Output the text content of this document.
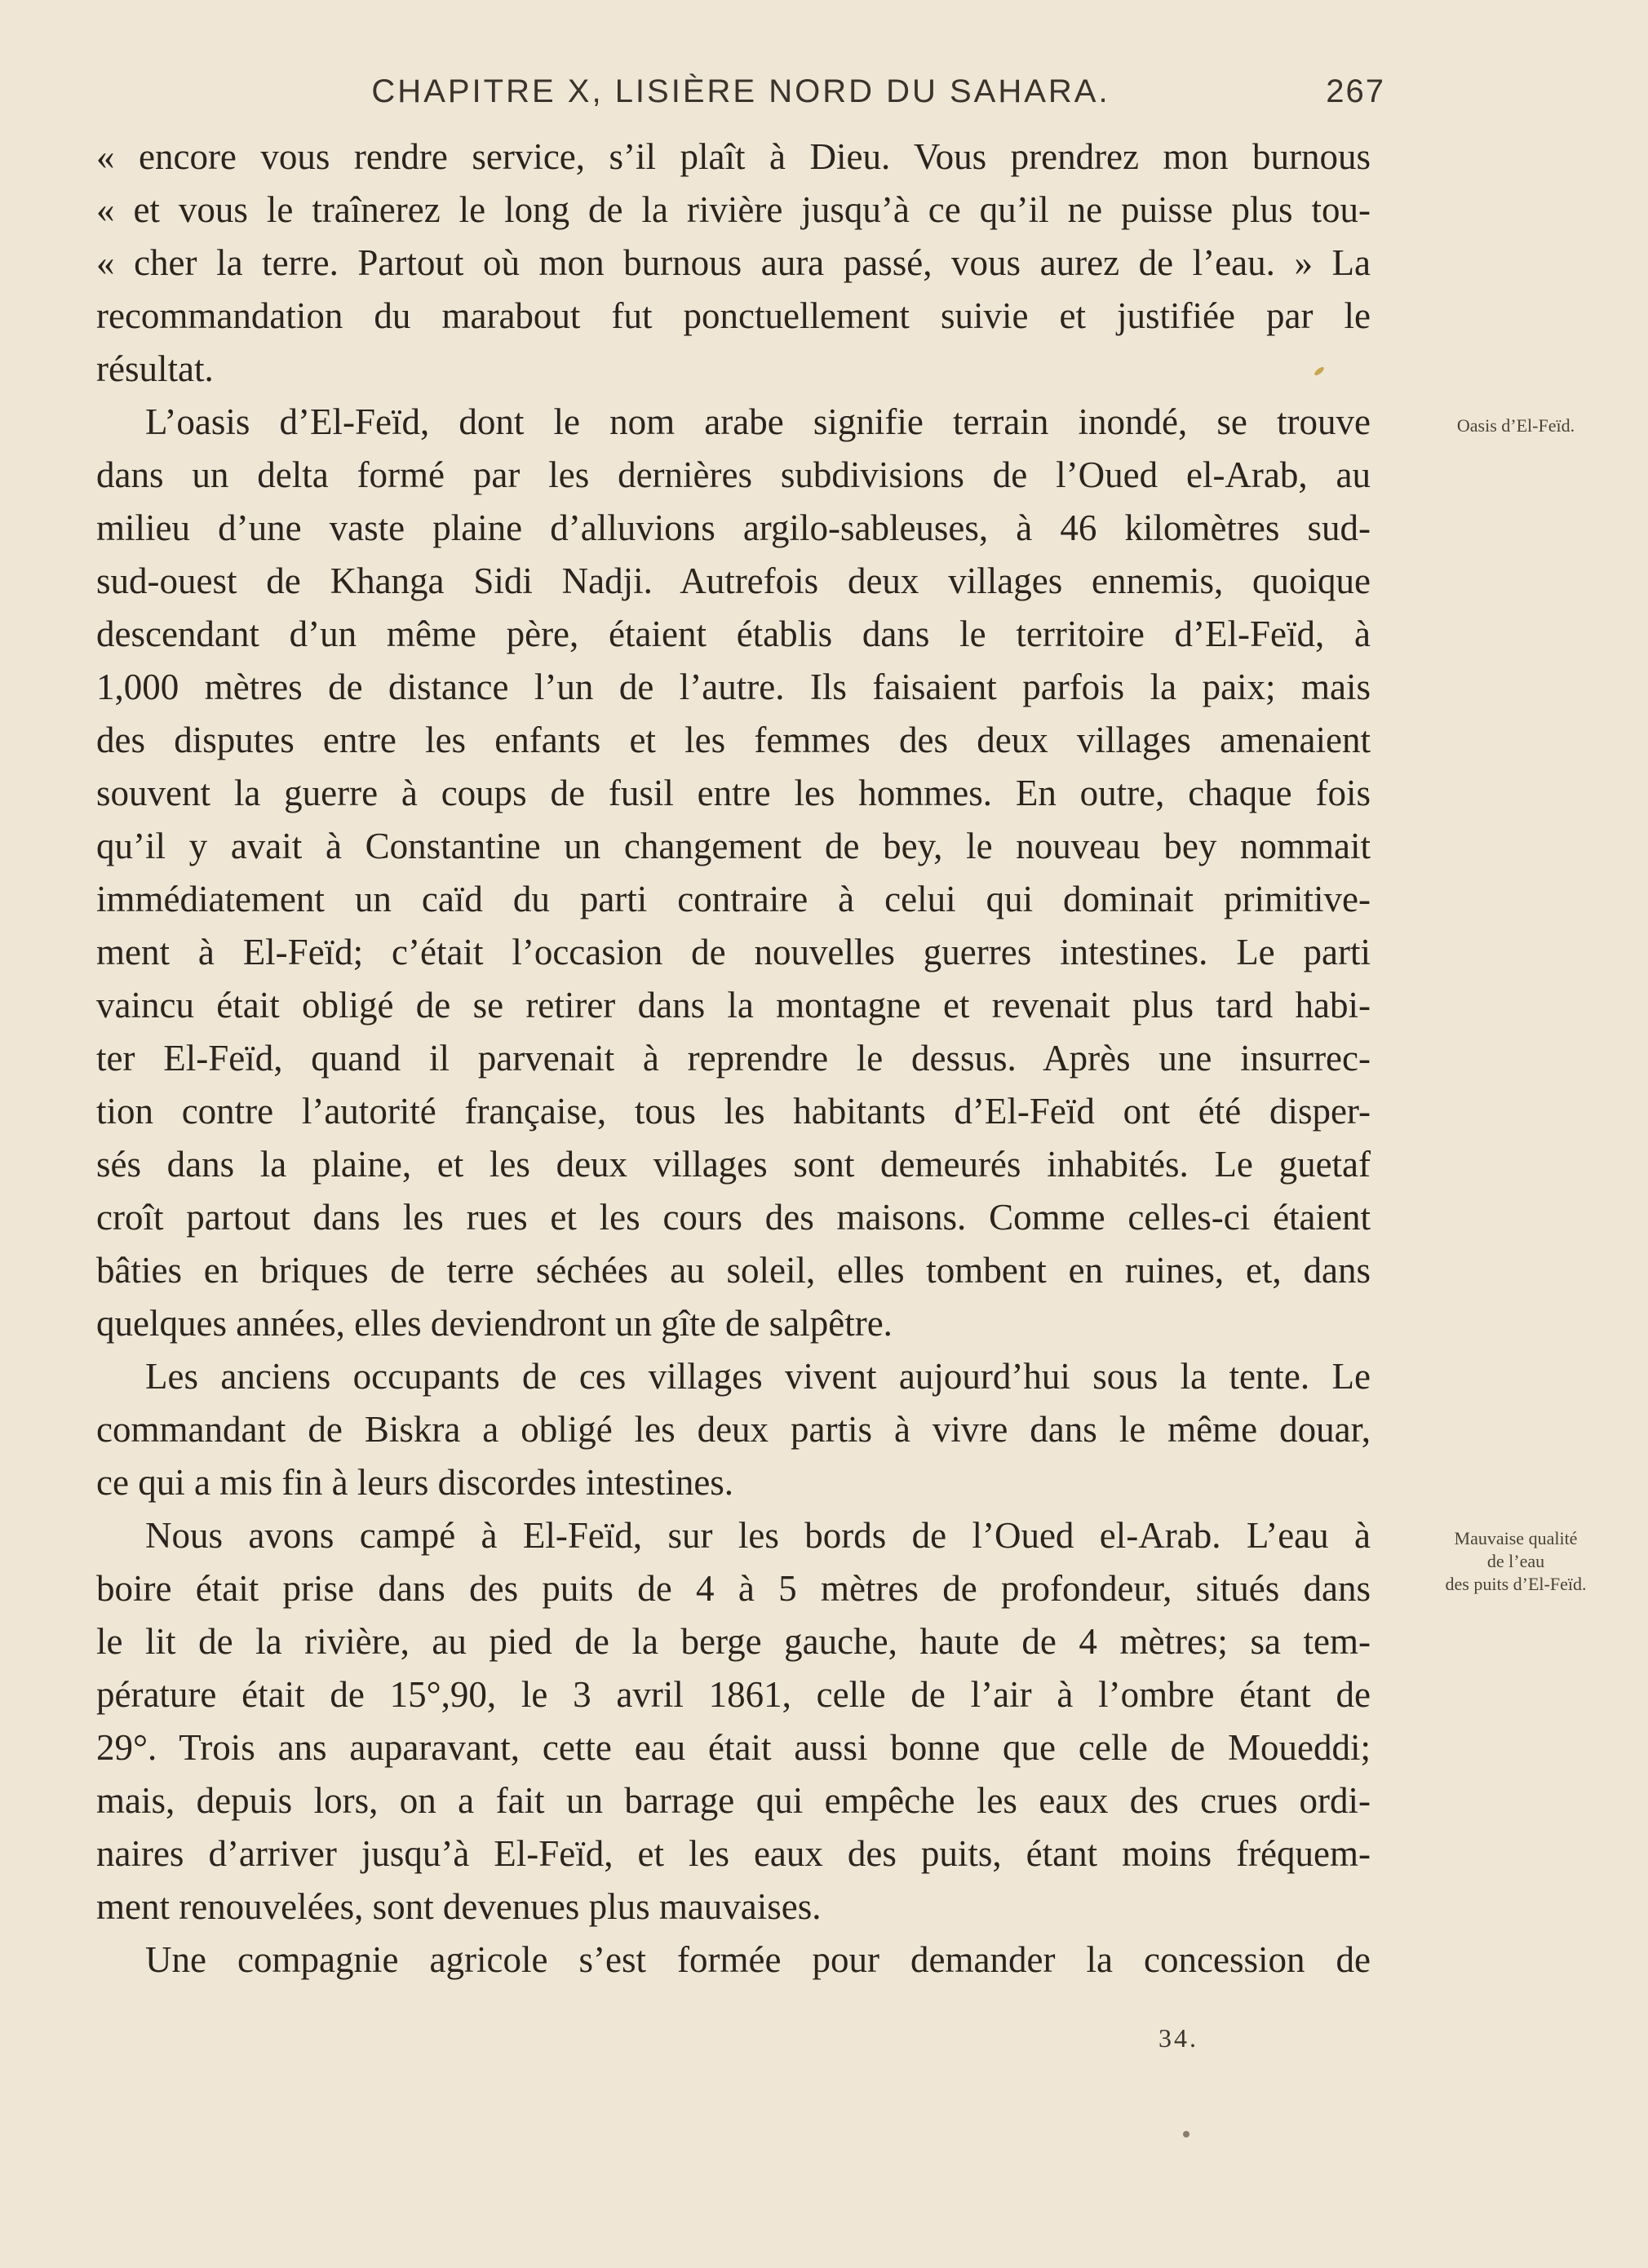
CHAPITRE X, LISIÈRE NORD DU SAHARA.	267
« encore vous rendre service, s’il plaît à Dieu. Vous prendrez mon burnous
« et vous le traînerez le long de la rivière jusqu’à ce qu’il ne puisse plus tou-
« cher la terre. Partout où mon burnous aura passé, vous aurez de l’eau. » La
recommandation du marabout fut ponctuellement suivie et justifiée par le
résultat.
L’oasis d’El-Feïd, dont le nom arabe signifie terrain inondé, se trouve
dans un delta formé par les dernières subdivisions de l’Oued el-Arab, au
milieu d’une vaste plaine d’alluvions argilo-sableuses, à 46 kilomètres sud-
sud-ouest de Khanga Sidi Nadji. Autrefois deux villages ennemis, quoique
descendant d’un même père, étaient établis dans le territoire d’El-Feïd, à
1,000 mètres de distance l’un de l’autre. Ils faisaient parfois la paix; mais
des disputes entre les enfants et les femmes des deux villages amenaient
souvent la guerre à coups de fusil entre les hommes. En outre, chaque fois
qu’il y avait à Constantine un changement de bey, le nouveau bey nommait
immédiatement un caïd du parti contraire à celui qui dominait primitive-
ment à El-Feïd; c’était l’occasion de nouvelles guerres intestines. Le parti
vaincu était obligé de se retirer dans la montagne et revenait plus tard habi-
ter El-Feïd, quand il parvenait à reprendre le dessus. Après une insurrec-
tion contre l’autorité française, tous les habitants d’El-Feïd ont été disper-
sés dans la plaine, et les deux villages sont demeurés inhabités. Le guetaf
croît partout dans les rues et les cours des maisons. Comme celles-ci étaient
bâties en briques de terre séchées au soleil, elles tombent en ruines, et, dans
quelques années, elles deviendront un gîte de salpêtre.
Les anciens occupants de ces villages vivent aujourd’hui sous la tente. Le
commandant de Biskra a obligé les deux partis à vivre dans le même douar,
ce qui a mis fin à leurs discordes intestines.
Nous avons campé à El-Feïd, sur les bords de l’Oued el-Arab. L’eau à
boire était prise dans des puits de 4 à 5 mètres de profondeur, situés dans
le lit de la rivière, au pied de la berge gauche, haute de 4 mètres; sa tem-
pérature était de 15°,90, le 3 avril 1861, celle de l’air à l’ombre étant de
29°. Trois ans auparavant, cette eau était aussi bonne que celle de Moueddi;
mais, depuis lors, on a fait un barrage qui empêche les eaux des crues ordi-
naires d’arriver jusqu’à El-Feïd, et les eaux des puits, étant moins fréquem-
ment renouvelées, sont devenues plus mauvaises.
Une compagnie agricole s’est formée pour demander la concession de
Oasis d’El-Feïd.
Mauvaise qualité
de l’eau
des puits d’El-Feïd.
34.
